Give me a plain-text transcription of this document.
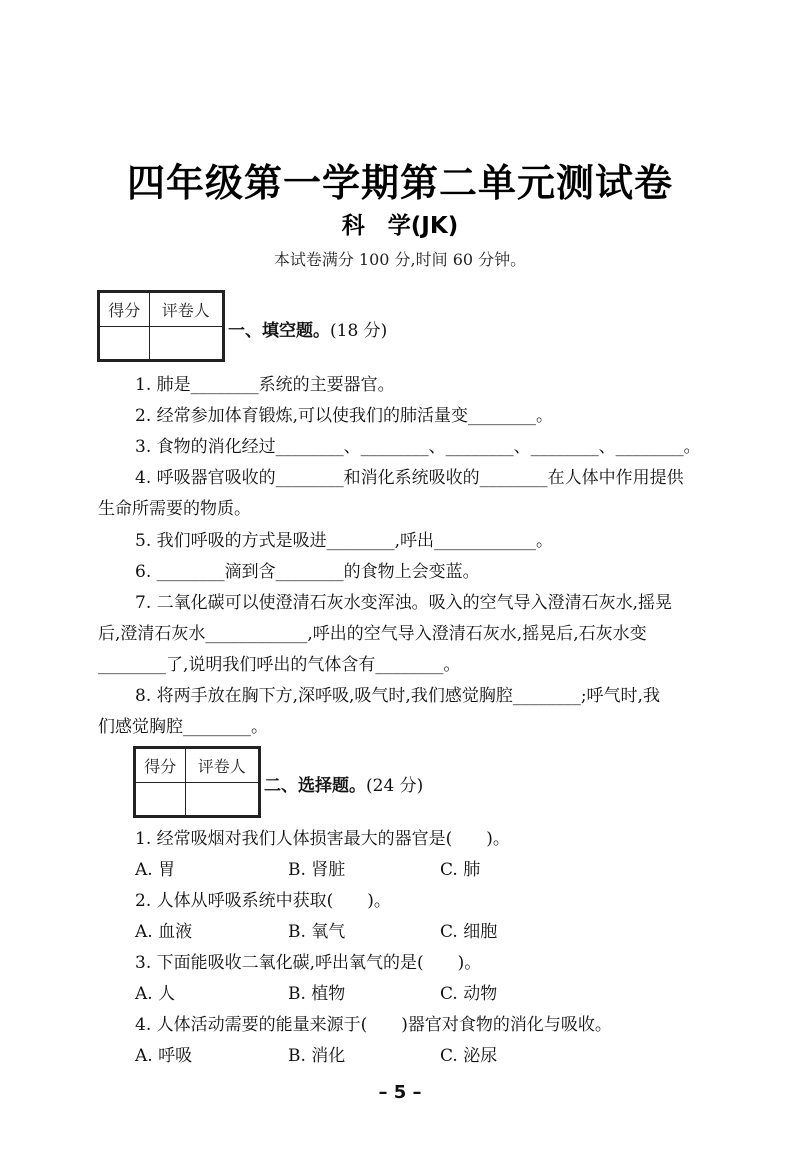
四年级第一学期第二单元测试卷
科　学(JK)
本试卷满分 100 分,时间 60 分钟。
得分	评卷人

一、填空题。(18 分)
1. 肺是________系统的主要器官。
2. 经常参加体育锻炼,可以使我们的肺活量变________。
3. 食物的消化经过________、________、________、________、________。
4. 呼吸器官吸收的________和消化系统吸收的________在人体中作用提供
生命所需要的物质。
5. 我们呼吸的方式是吸进________,呼出____________。
6. ________滴到含________的食物上会变蓝。
7. 二氧化碳可以使澄清石灰水变浑浊。吸入的空气导入澄清石灰水,摇晃
后,澄清石灰水____________,呼出的空气导入澄清石灰水,摇晃后,石灰水变
________了,说明我们呼出的气体含有________。
8. 将两手放在胸下方,深呼吸,吸气时,我们感觉胸腔________;呼气时,我
们感觉胸腔________。
得分	评卷人

二、选择题。(24 分)
1. 经常吸烟对我们人体损害最大的器官是(　　)。
A. 胃	B. 肾脏	C. 肺
2. 人体从呼吸系统中获取(　　)。
A. 血液	B. 氧气	C. 细胞
3. 下面能吸收二氧化碳,呼出氧气的是(　　)。
A. 人	B. 植物	C. 动物
4. 人体活动需要的能量来源于(　　)器官对食物的消化与吸收。
A. 呼吸	B. 消化	C. 泌尿
– 5 –
